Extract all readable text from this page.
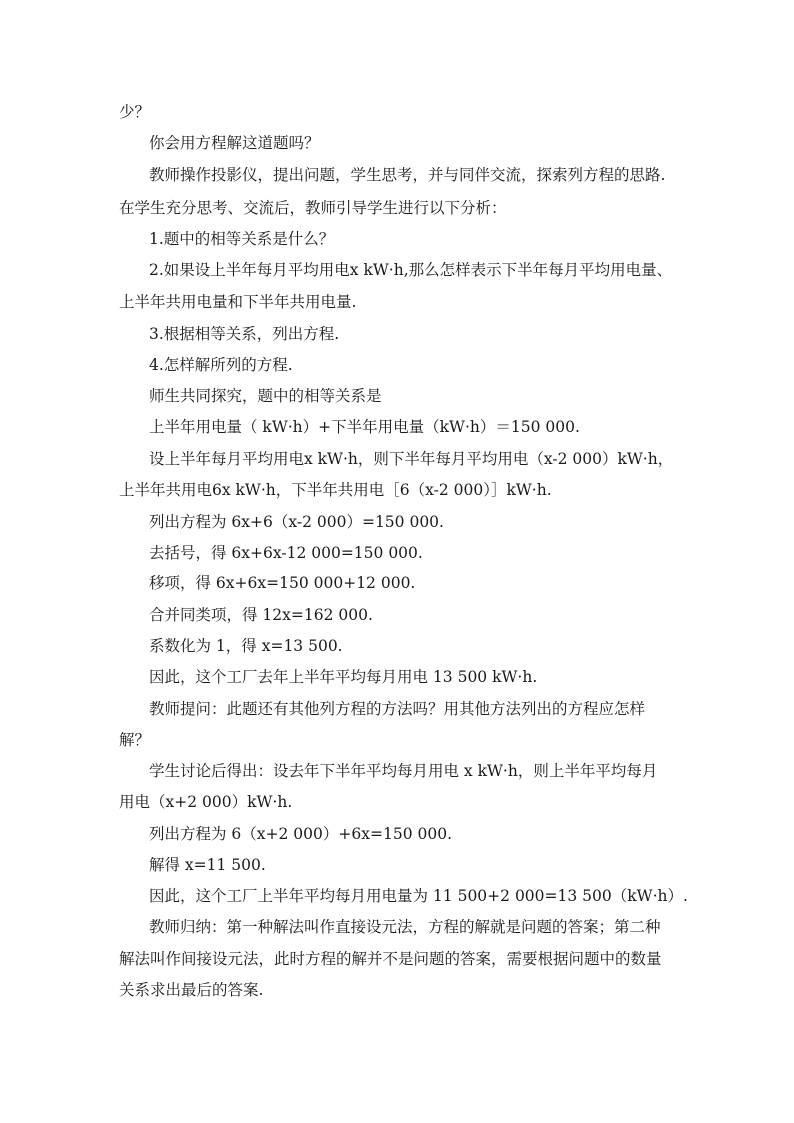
少？
你会用方程解这道题吗？
教师操作投影仪，提出问题，学生思考，并与同伴交流，探索列方程的思路.
在学生充分思考、交流后，教师引导学生进行以下分析：
1.题中的相等关系是什么？
2.如果设上半年每月平均用电x kW·h,那么怎样表示下半年每月平均用电量、
上半年共用电量和下半年共用电量.
3.根据相等关系，列出方程.
4.怎样解所列的方程.
师生共同探究，题中的相等关系是
上半年用电量（ kW·h）+下半年用电量（kW·h）＝150 000.
设上半年每月平均用电x kW·h，则下半年每月平均用电（x-2 000）kW·h，
上半年共用电6x kW·h，下半年共用电［6（x-2 000）］kW·h.
列出方程为 6x+6（x-2 000）=150 000.
去括号，得 6x+6x-12 000=150 000.
移项，得 6x+6x=150 000+12 000.
合并同类项，得 12x=162 000.
系数化为 1，得 x=13 500.
因此，这个工厂去年上半年平均每月用电 13 500 kW·h.
教师提问：此题还有其他列方程的方法吗？用其他方法列出的方程应怎样
解？
学生讨论后得出：设去年下半年平均每月用电 x kW·h，则上半年平均每月
用电（x+2 000）kW·h.
列出方程为 6（x+2 000）+6x=150 000.
解得 x=11 500.
因此，这个工厂上半年平均每月用电量为 11 500+2 000=13 500（kW·h）.
教师归纳：第一种解法叫作直接设元法，方程的解就是问题的答案；第二种
解法叫作间接设元法，此时方程的解并不是问题的答案，需要根据问题中的数量
关系求出最后的答案.
